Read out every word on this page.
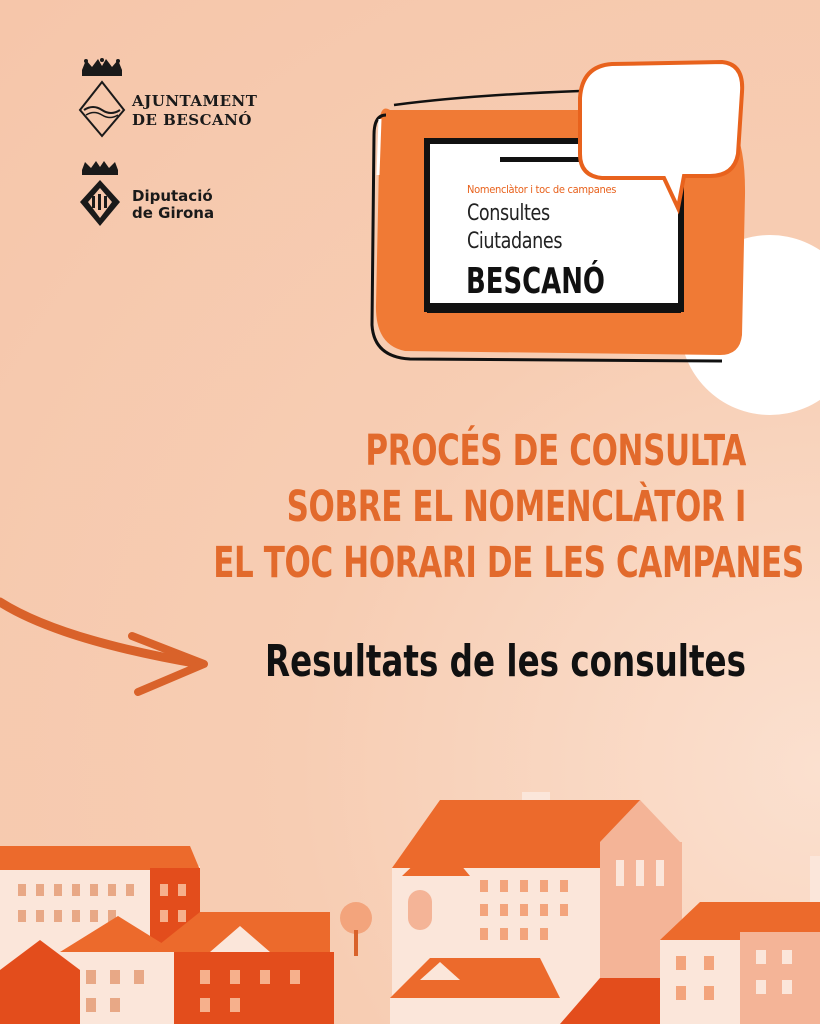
AJUNTAMENT
DE BESCANÓ
Diputació
de Girona
Nomenclàtor i toc de campanes
Consultes
Ciutadanes
BESCANÓ
PROCÉS DE CONSULTA
SOBRE EL NOMENCLÀTOR I
EL TOC HORARI DE LES CAMPANES
Resultats de les consultes
